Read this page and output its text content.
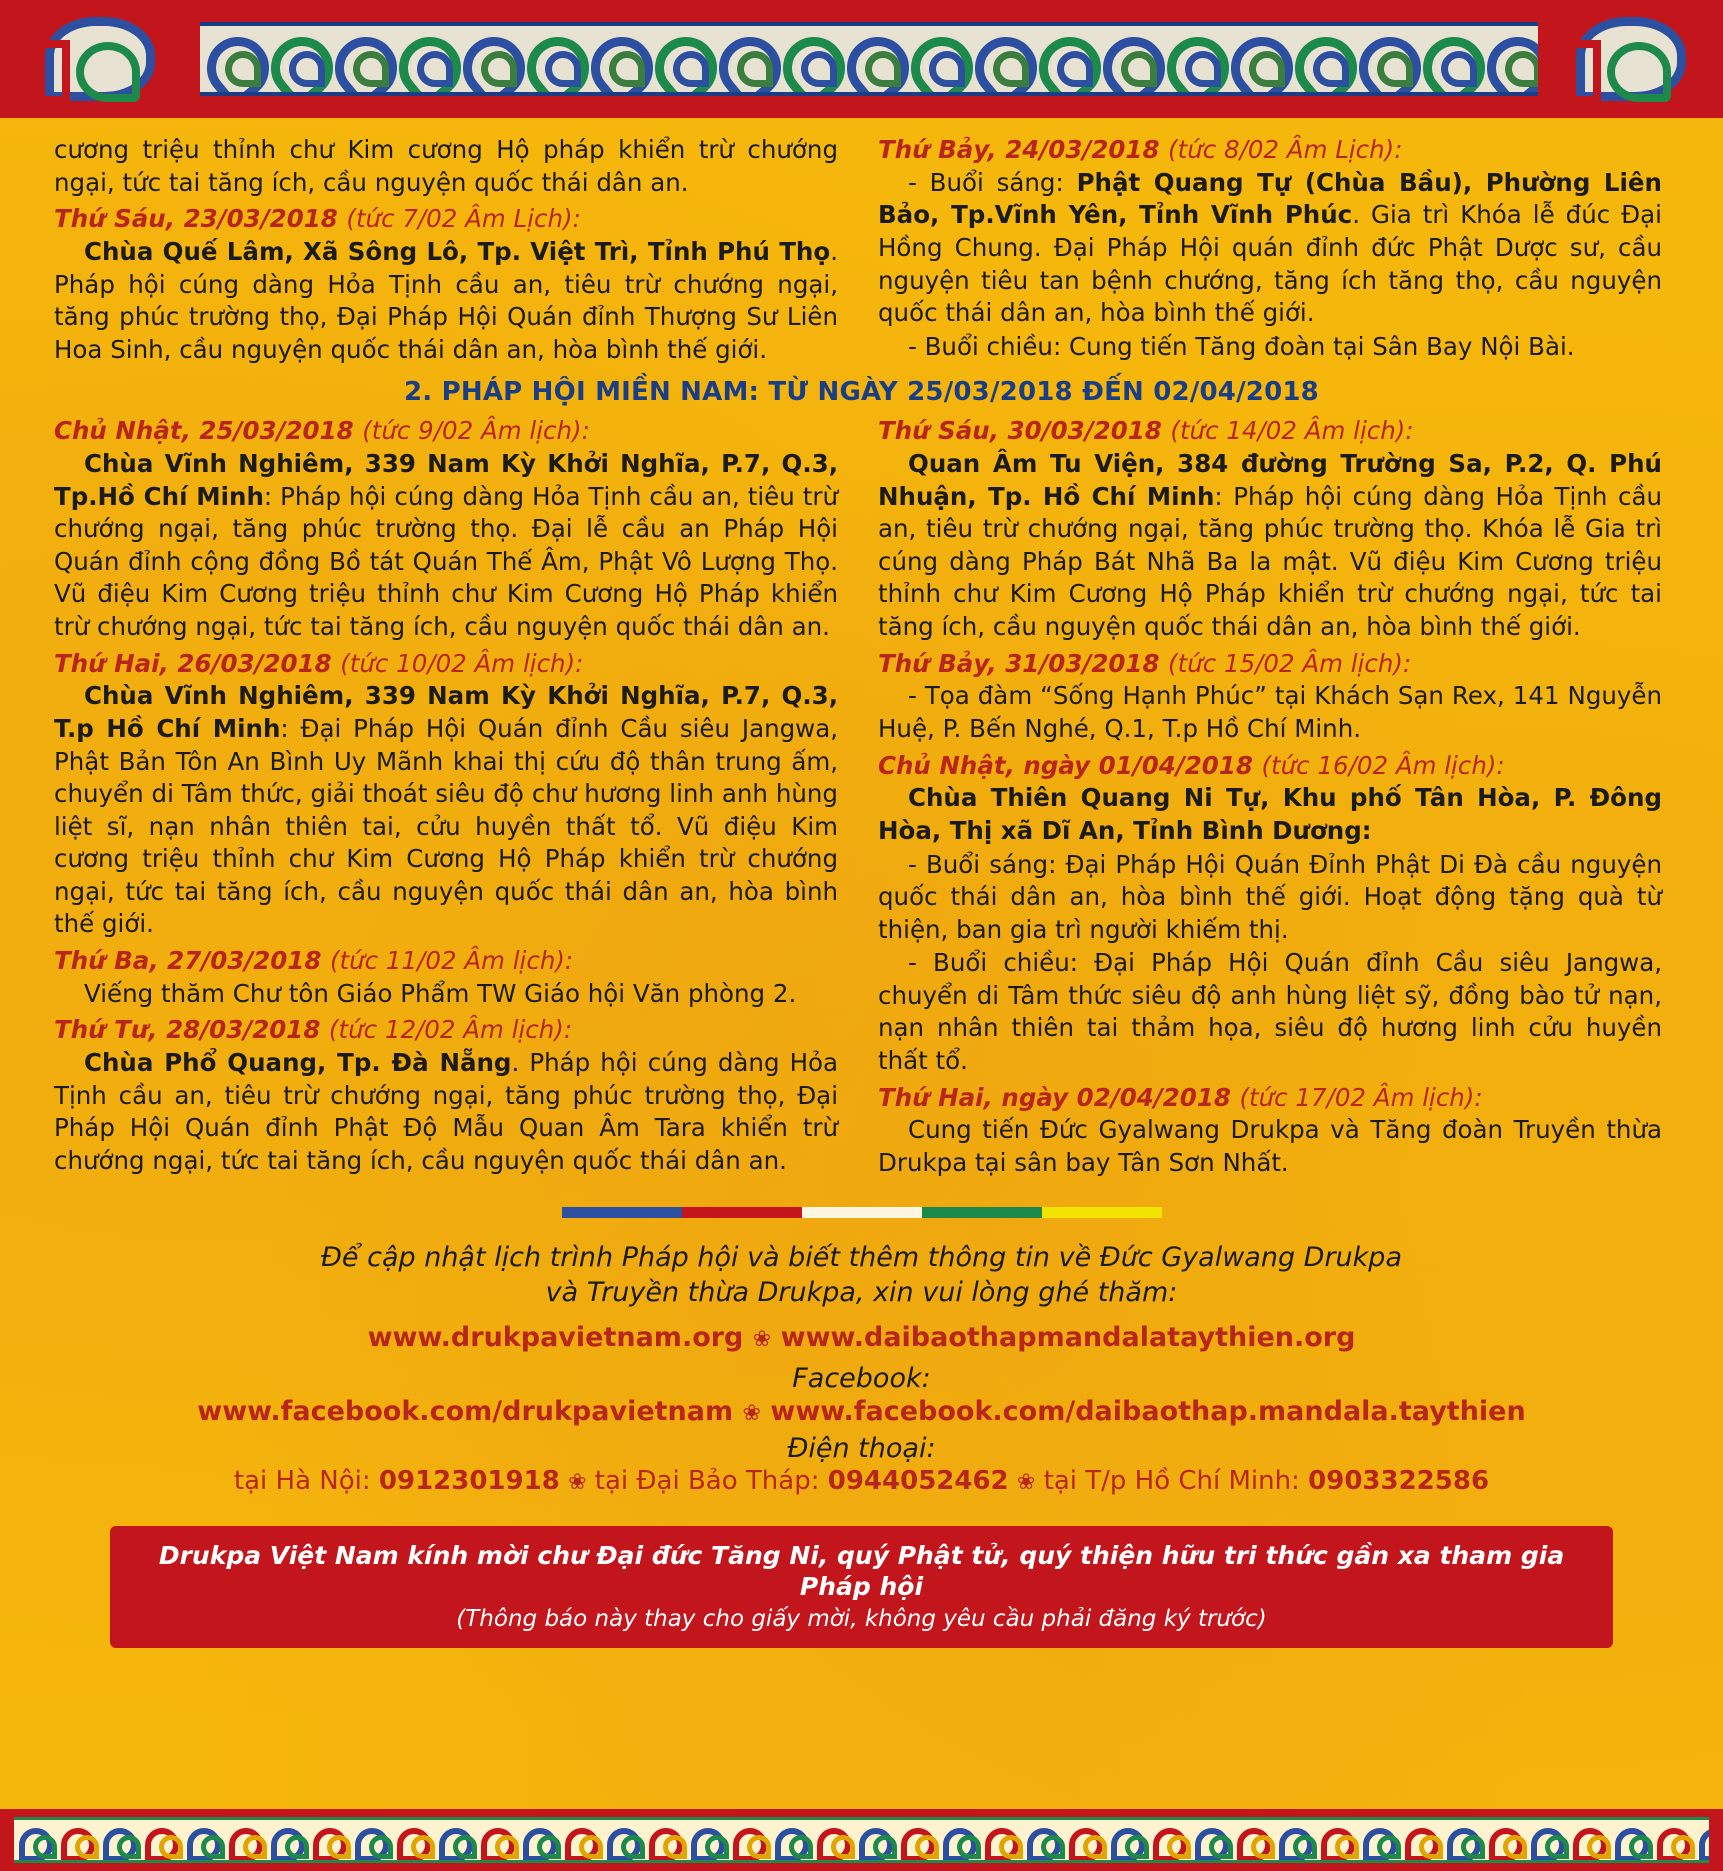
cương triệu thỉnh chư Kim cương Hộ pháp khiển trừ chướng ngại, tức tai tăng ích, cầu nguyện quốc thái dân an.

Thứ Sáu, 23/03/2018 (tức 7/02 Âm Lịch):

Chùa Quế Lâm, Xã Sông Lô, Tp. Việt Trì, Tỉnh Phú Thọ. Pháp hội cúng dàng Hỏa Tịnh cầu an, tiêu trừ chướng ngại, tăng phúc trường thọ, Đại Pháp Hội Quán đỉnh Thượng Sư Liên Hoa Sinh, cầu nguyện quốc thái dân an, hòa bình thế giới.

Thứ Bảy, 24/03/2018 (tức 8/02 Âm Lịch):

- Buổi sáng: Phật Quang Tự (Chùa Bầu), Phường Liên Bảo, Tp.Vĩnh Yên, Tỉnh Vĩnh Phúc. Gia trì Khóa lễ đúc Đại Hồng Chung. Đại Pháp Hội quán đỉnh đức Phật Dược sư, cầu nguyện tiêu tan bệnh chướng, tăng ích tăng thọ, cầu nguyện quốc thái dân an, hòa bình thế giới.

- Buổi chiều: Cung tiến Tăng đoàn tại Sân Bay Nội Bài.

2. PHÁP HỘI MIỀN NAM: TỪ NGÀY 25/03/2018 ĐẾN 02/04/2018

Chủ Nhật, 25/03/2018 (tức 9/02 Âm lịch):

Chùa Vĩnh Nghiêm, 339 Nam Kỳ Khởi Nghĩa, P.7, Q.3, Tp.Hồ Chí Minh: Pháp hội cúng dàng Hỏa Tịnh cầu an, tiêu trừ chướng ngại, tăng phúc trường thọ. Đại lễ cầu an Pháp Hội Quán đỉnh cộng đồng Bồ tát Quán Thế Âm, Phật Vô Lượng Thọ. Vũ điệu Kim Cương triệu thỉnh chư Kim Cương Hộ Pháp khiển trừ chướng ngại, tức tai tăng ích, cầu nguyện quốc thái dân an.

Thứ Hai, 26/03/2018 (tức 10/02 Âm lịch):

Chùa Vĩnh Nghiêm, 339 Nam Kỳ Khởi Nghĩa, P.7, Q.3, T.p Hồ Chí Minh: Đại Pháp Hội Quán đỉnh Cầu siêu Jangwa, Phật Bản Tôn An Bình Uy Mãnh khai thị cứu độ thân trung ấm, chuyển di Tâm thức, giải thoát siêu độ chư hương linh anh hùng liệt sĩ, nạn nhân thiên tai, cửu huyền thất tổ. Vũ điệu Kim cương triệu thỉnh chư Kim Cương Hộ Pháp khiển trừ chướng ngại, tức tai tăng ích, cầu nguyện quốc thái dân an, hòa bình thế giới.

Thứ Ba, 27/03/2018 (tức 11/02 Âm lịch):

Viếng thăm Chư tôn Giáo Phẩm TW Giáo hội Văn phòng 2.

Thứ Tư, 28/03/2018 (tức 12/02 Âm lịch):

Chùa Phổ Quang, Tp. Đà Nẵng. Pháp hội cúng dàng Hỏa Tịnh cầu an, tiêu trừ chướng ngại, tăng phúc trường thọ, Đại Pháp Hội Quán đỉnh Phật Độ Mẫu Quan Âm Tara khiển trừ chướng ngại, tức tai tăng ích, cầu nguyện quốc thái dân an.

Thứ Sáu, 30/03/2018 (tức 14/02 Âm lịch):

Quan Âm Tu Viện, 384 đường Trường Sa, P.2, Q. Phú Nhuận, Tp. Hồ Chí Minh: Pháp hội cúng dàng Hỏa Tịnh cầu an, tiêu trừ chướng ngại, tăng phúc trường thọ. Khóa lễ Gia trì cúng dàng Pháp Bát Nhã Ba la mật. Vũ điệu Kim Cương triệu thỉnh chư Kim Cương Hộ Pháp khiển trừ chướng ngại, tức tai tăng ích, cầu nguyện quốc thái dân an, hòa bình thế giới.

Thứ Bảy, 31/03/2018 (tức 15/02 Âm lịch):

- Tọa đàm “Sống Hạnh Phúc” tại Khách Sạn Rex, 141 Nguyễn Huệ, P. Bến Nghé, Q.1, T.p Hồ Chí Minh.

Chủ Nhật, ngày 01/04/2018 (tức 16/02 Âm lịch):

Chùa Thiên Quang Ni Tự, Khu phố Tân Hòa, P. Đông Hòa, Thị xã Dĩ An, Tỉnh Bình Dương:

- Buổi sáng: Đại Pháp Hội Quán Đỉnh Phật Di Đà cầu nguyện quốc thái dân an, hòa bình thế giới. Hoạt động tặng quà từ thiện, ban gia trì người khiếm thị.

- Buổi chiều: Đại Pháp Hội Quán đỉnh Cầu siêu Jangwa, chuyển di Tâm thức siêu độ anh hùng liệt sỹ, đồng bào tử nạn, nạn nhân thiên tai thảm họa, siêu độ hương linh cửu huyền thất tổ.

Thứ Hai, ngày 02/04/2018 (tức 17/02 Âm lịch):

Cung tiến Đức Gyalwang Drukpa và Tăng đoàn Truyền thừa Drukpa tại sân bay Tân Sơn Nhất.

Để cập nhật lịch trình Pháp hội và biết thêm thông tin về Đức Gyalwang Drukpa
và Truyền thừa Drukpa, xin vui lòng ghé thăm:
www.drukpavietnam.org ❀ www.daibaothapmandalataythien.org
Facebook:
www.facebook.com/drukpavietnam ❀ www.facebook.com/daibaothap.mandala.taythien
Điện thoại:
tại Hà Nội: 0912301918 ❀ tại Đại Bảo Tháp: 0944052462 ❀ tại T/p Hồ Chí Minh: 0903322586
Drukpa Việt Nam kính mời chư Đại đức Tăng Ni, quý Phật tử, quý thiện hữu tri thức gần xa tham gia Pháp hội
(Thông báo này thay cho giấy mời, không yêu cầu phải đăng ký trước)
